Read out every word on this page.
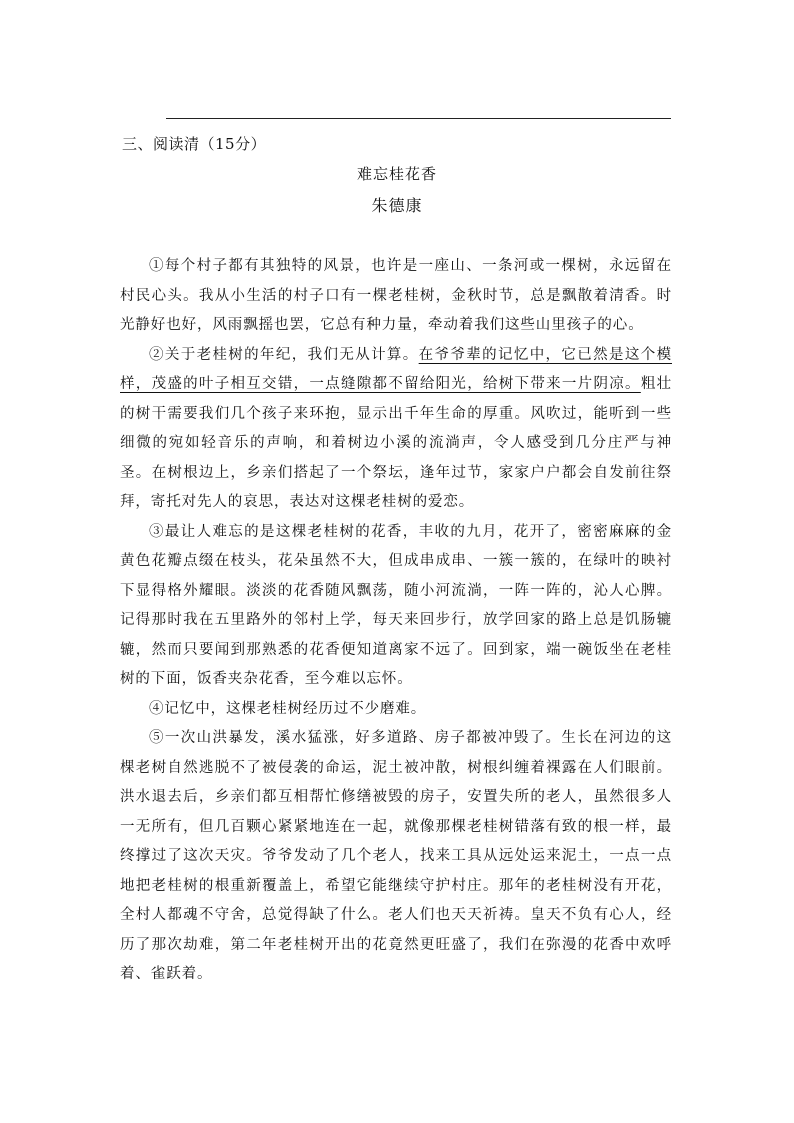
三、阅读清（15分）
难忘桂花香
朱德康

①每个村子都有其独特的风景，也许是一座山、一条河或一棵树，永远留在村民心头。我从小生活的村子口有一棵老桂树，金秋时节，总是飘散着清香。时光静好也好，风雨飘摇也罢，它总有种力量，牵动着我们这些山里孩子的心。

②关于老桂树的年纪，我们无从计算。在爷爷辈的记忆中，它已然是这个模样，茂盛的叶子相互交错，一点缝隙都不留给阳光，给树下带来一片阴凉。粗壮的树干需要我们几个孩子来环抱，显示出千年生命的厚重。风吹过，能听到一些细微的宛如轻音乐的声响，和着树边小溪的流淌声，令人感受到几分庄严与神圣。在树根边上，乡亲们搭起了一个祭坛，逢年过节，家家户户都会自发前往祭拜，寄托对先人的哀思，表达对这棵老桂树的爱恋。

③最让人难忘的是这棵老桂树的花香，丰收的九月，花开了，密密麻麻的金黄色花瓣点缀在枝头，花朵虽然不大，但成串成串、一簇一簇的，在绿叶的映衬下显得格外耀眼。淡淡的花香随风飘荡，随小河流淌，一阵一阵的，沁人心脾。记得那时我在五里路外的邻村上学，每天来回步行，放学回家的路上总是饥肠辘辘，然而只要闻到那熟悉的花香便知道离家不远了。回到家，端一碗饭坐在老桂树的下面，饭香夹杂花香，至今难以忘怀。

④记忆中，这棵老桂树经历过不少磨难。

⑤一次山洪暴发，溪水猛涨，好多道路、房子都被冲毁了。生长在河边的这棵老树自然逃脱不了被侵袭的命运，泥土被冲散，树根纠缠着裸露在人们眼前。洪水退去后，乡亲们都互相帮忙修缮被毁的房子，安置失所的老人，虽然很多人一无所有，但几百颗心紧紧地连在一起，就像那棵老桂树错落有致的根一样，最终撑过了这次天灾。爷爷发动了几个老人，找来工具从远处运来泥土，一点一点地把老桂树的根重新覆盖上，希望它能继续守护村庄。那年的老桂树没有开花，全村人都魂不守舍，总觉得缺了什么。老人们也天天祈祷。皇天不负有心人，经历了那次劫难，第二年老桂树开出的花竟然更旺盛了，我们在弥漫的花香中欢呼着、雀跃着。
